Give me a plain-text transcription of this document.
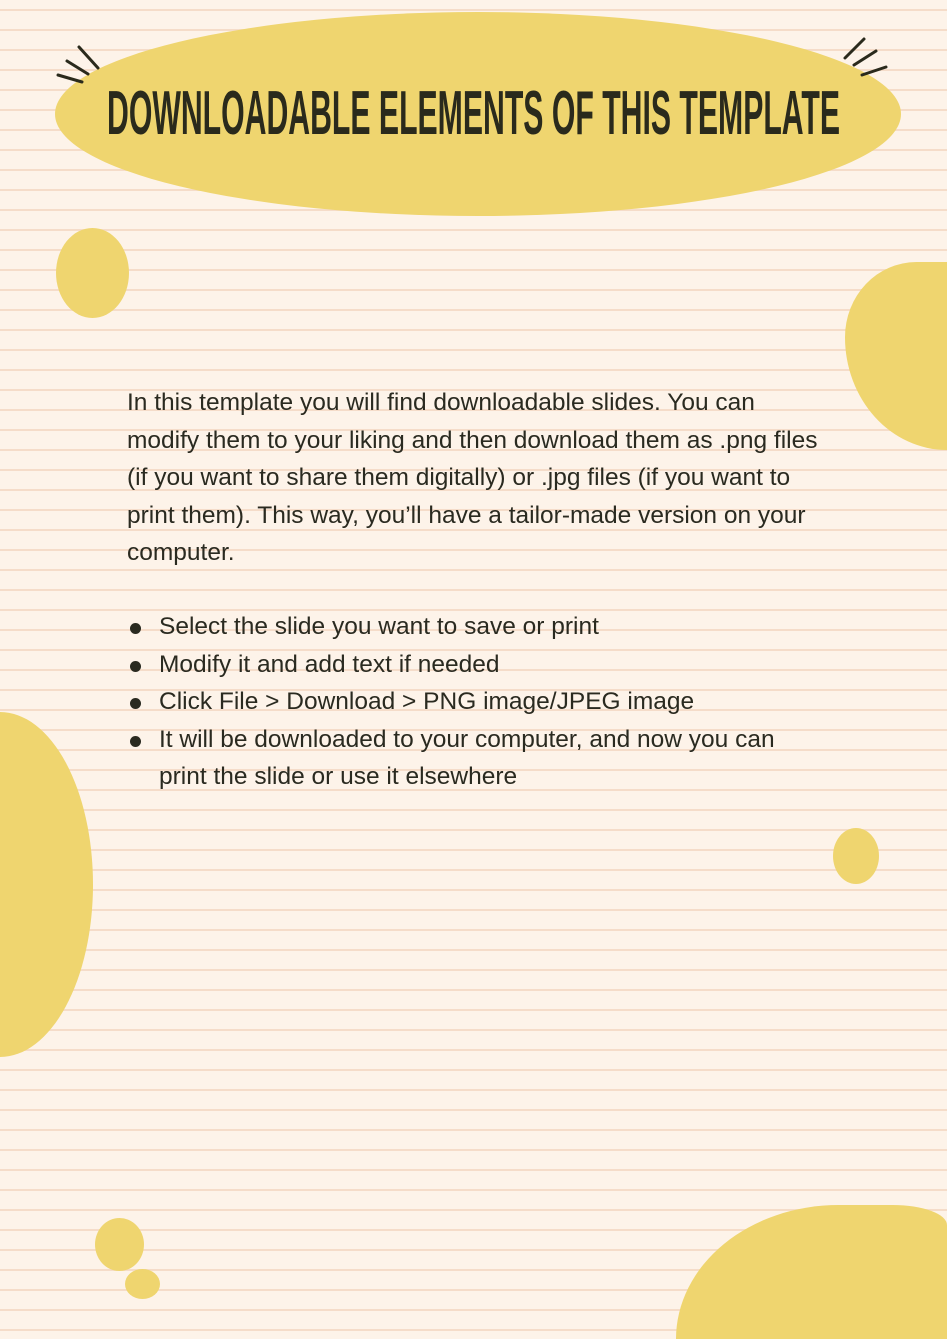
DOWNLOADABLE ELEMENTS OF THIS TEMPLATE

In this template you will find downloadable slides. You can modify them to your liking and then download them as .png files (if you want to share them digitally) or .jpg files (if you want to print them). This way, you’ll have a tailor-made version on your computer.

Select the slide you want to save or print
Modify it and add text if needed
Click File > Download > PNG image/JPEG image
It will be downloaded to your computer, and now you can print the slide or use it elsewhere
